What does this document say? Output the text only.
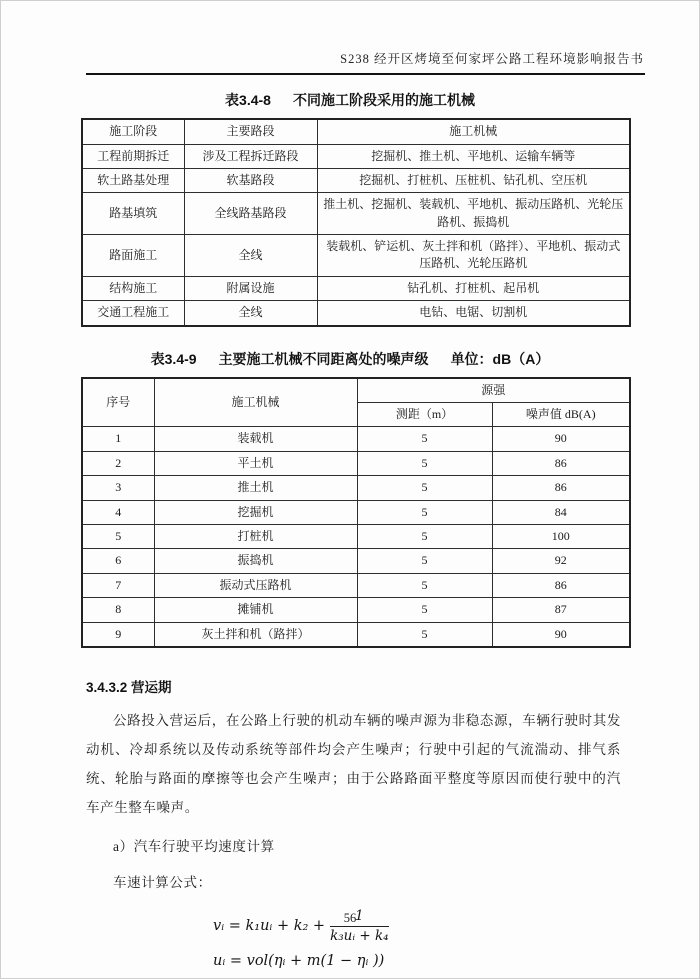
S238 经开区烤境至何家坪公路工程环境影响报告书
表3.4-8 不同施工阶段采用的施工机械
施工阶段	主要路段	施工机械
工程前期拆迁	涉及工程拆迁路段	挖掘机、推土机、平地机、运输车辆等
软土路基处理	软基路段	挖掘机、打桩机、压桩机、钻孔机、空压机
路基填筑	全线路基路段	推土机、挖掘机、装载机、平地机、振动压路机、光轮压路机、振捣机
路面施工	全线	装载机、铲运机、灰土拌和机（路拌）、平地机、振动式压路机、光轮压路机
结构施工	附属设施	钻孔机、打桩机、起吊机
交通工程施工	全线	电钻、电锯、切割机
表3.4-9 主要施工机械不同距离处的噪声级 单位：dB（A）
序号	施工机械	源强	
		测距（m）	噪声值 dB(A)
1	装载机	5	90
2	平土机	5	86
3	推土机	5	86
4	挖掘机	5	84
5	打桩机	5	100
6	振捣机	5	92
7	振动式压路机	5	86
8	摊铺机	5	87
9	灰土拌和机（路拌）	5	90
3.4.3.2 营运期
公路投入营运后，在公路上行驶的机动车辆的噪声源为非稳态源，车辆行驶时其发动机、冷却系统以及传动系统等部件均会产生噪声；行驶中引起的气流湍动、排气系统、轮胎与路面的摩擦等也会产生噪声；由于公路路面平整度等原因而使行驶中的汽车产生整车噪声。
a）汽车行驶平均速度计算
车速计算公式：
vᵢ = k₁uᵢ + $k_2 + \frac{1}{\text{k₃uᵢ + k₄}}$
uᵢ = vol(ηᵢ + m(1 − ηᵢ ))
56
